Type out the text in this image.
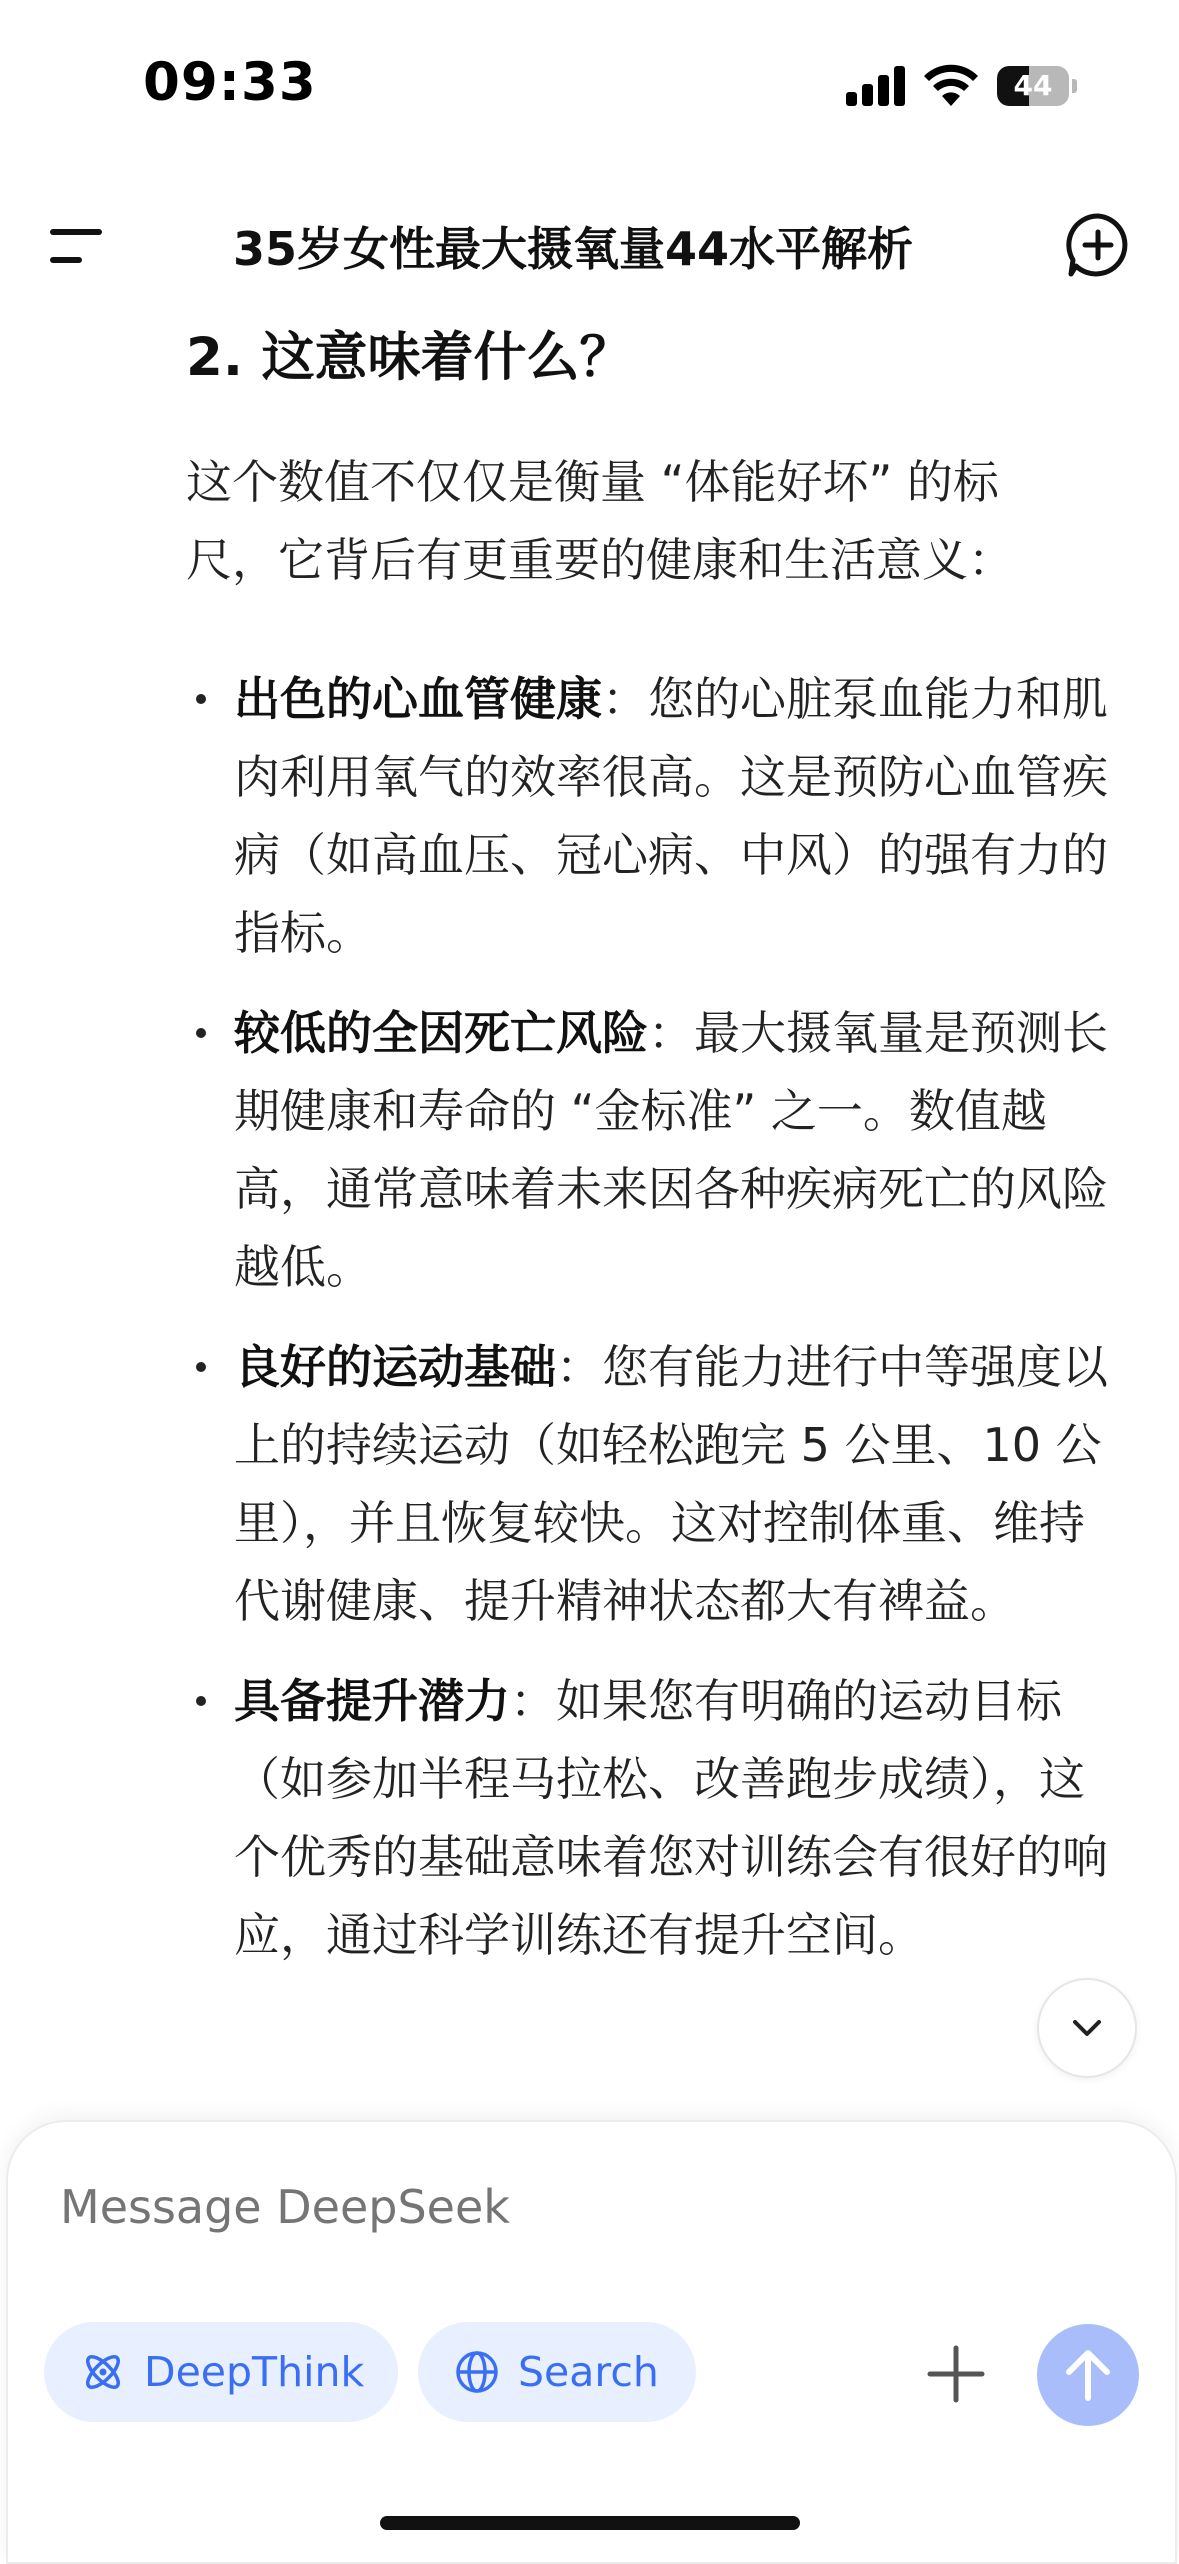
09:33	44
35岁女性最大摄氧量44水平解析
2. 这意味着什么？
这个数值不仅仅是衡量 “体能好坏” 的标尺，它背后有更重要的健康和生活意义：
出色的心血管健康：您的心脏泵血能力和肌肉利用氧气的效率很高。这是预防心血管疾病（如高血压、冠心病、中风）的强有力的指标。
较低的全因死亡风险：最大摄氧量是预测长期健康和寿命的 “金标准” 之一。数值越高，通常意味着未来因各种疾病死亡的风险越低。
良好的运动基础：您有能力进行中等强度以上的持续运动（如轻松跑完 5 公里、10 公里），并且恢复较快。这对控制体重、维持代谢健康、提升精神状态都大有裨益。
具备提升潜力：如果您有明确的运动目标（如参加半程马拉松、改善跑步成绩），这个优秀的基础意味着您对训练会有很好的响应，通过科学训练还有提升空间。
Message DeepSeek
DeepThink	Search
